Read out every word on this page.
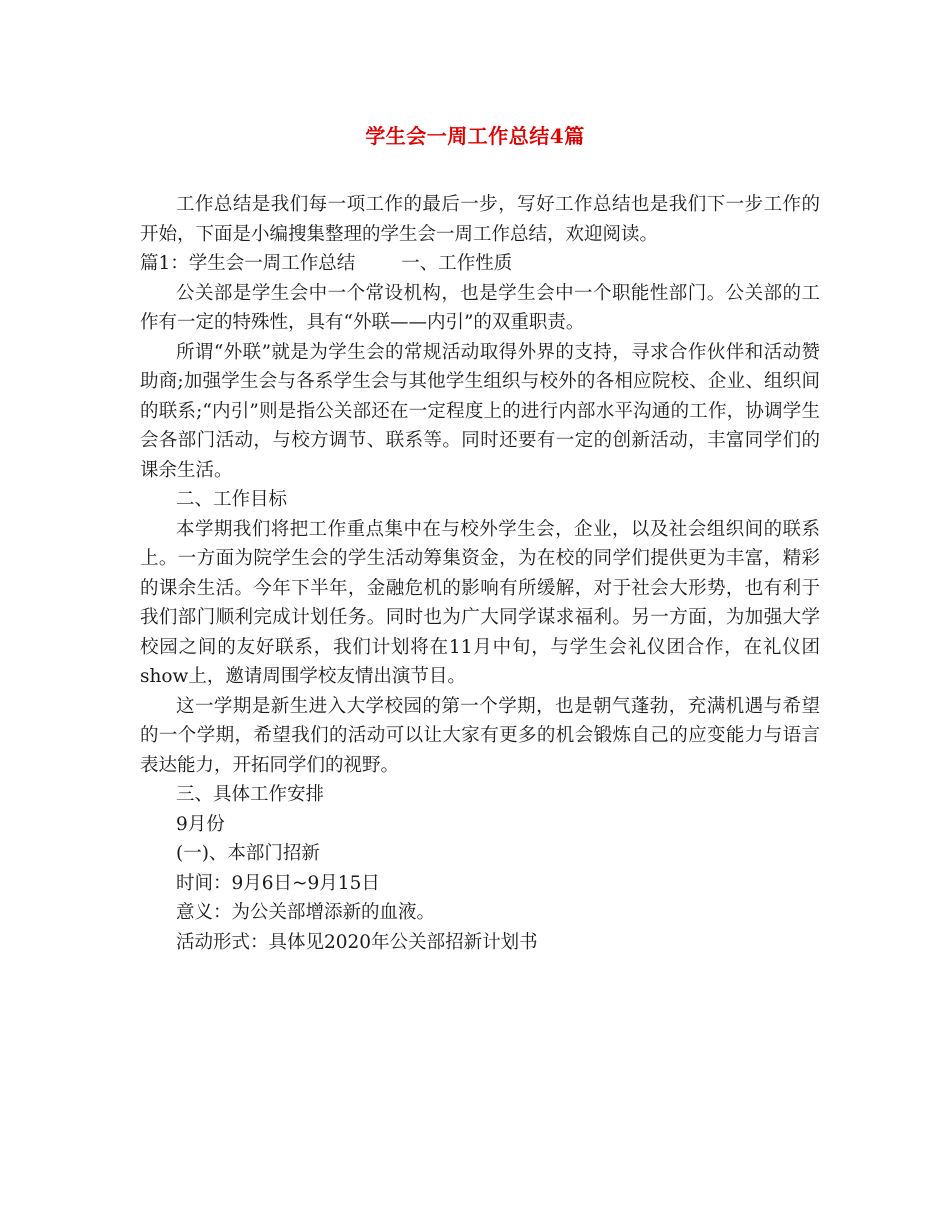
学生会一周工作总结4篇

工作总结是我们每一项工作的最后一步，写好工作总结也是我们下一步工作的开始，下面是小编搜集整理的学生会一周工作总结，欢迎阅读。

篇1：学生会一周工作总结 一、工作性质

公关部是学生会中一个常设机构，也是学生会中一个职能性部门。公关部的工作有一定的特殊性，具有“外联——内引”的双重职责。

所谓“外联”就是为学生会的常规活动取得外界的支持，寻求合作伙伴和活动赞助商;加强学生会与各系学生会与其他学生组织与校外的各相应院校、企业、组织间的联系;“内引”则是指公关部还在一定程度上的进行内部水平沟通的工作，协调学生会各部门活动，与校方调节、联系等。同时还要有一定的创新活动，丰富同学们的课余生活。

二、工作目标

本学期我们将把工作重点集中在与校外学生会，企业，以及社会组织间的联系上。一方面为院学生会的学生活动筹集资金，为在校的同学们提供更为丰富，精彩的课余生活。今年下半年，金融危机的影响有所缓解，对于社会大形势，也有利于我们部门顺利完成计划任务。同时也为广大同学谋求福利。另一方面，为加强大学校园之间的友好联系，我们计划将在11月中旬，与学生会礼仪团合作，在礼仪团show上，邀请周围学校友情出演节目。

这一学期是新生进入大学校园的第一个学期，也是朝气蓬勃，充满机遇与希望的一个学期，希望我们的活动可以让大家有更多的机会锻炼自己的应变能力与语言表达能力，开拓同学们的视野。

三、具体工作安排

9月份

(一)、本部门招新

时间：9月6日~9月15日

意义：为公关部增添新的血液。

活动形式：具体见2020年公关部招新计划书
